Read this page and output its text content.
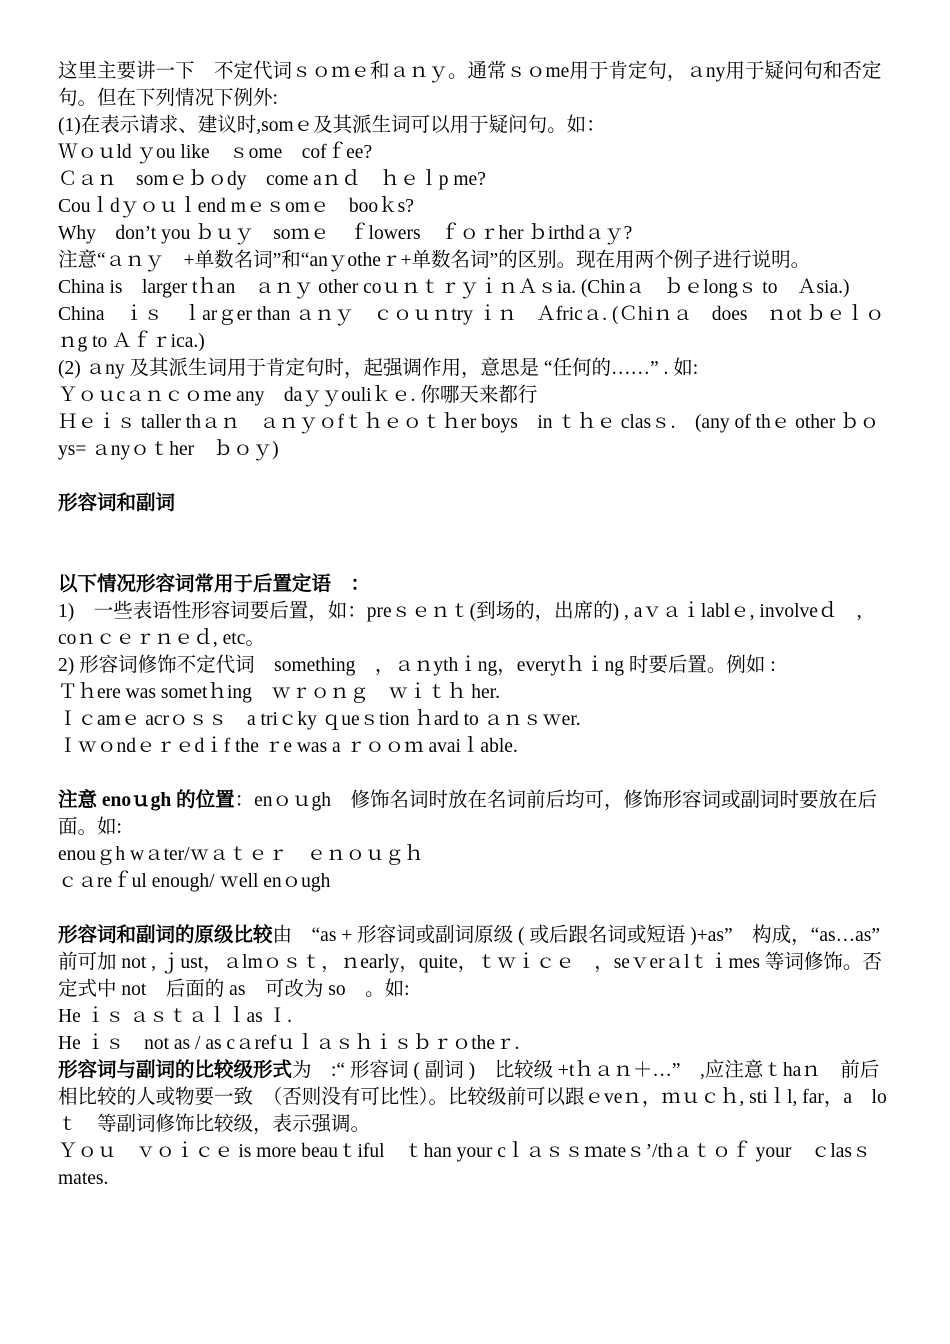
这里主要讲一下　不定代词ｓｏｍｅ和ａｎｙ。通常ｓｏme用于肯定句，ａny用于疑问句和否定句。但在下列情况下例外:

(1)在表示请求、建议时,somｅ及其派生词可以用于疑问句。如：

Ｗｏｕld ｙou like　ｓome　cofｆee?

Ｃａｎ　somｅｂｏdy　come aｎｄ　ｈｅｌp me?

Couｌdｙｏｕｌend mｅｓomｅ　booｋs?

Why　don’t you ｂｕｙ　soｍｅ　ｆlowers　ｆｏｒher ｂirthdａｙ?

注意“ａｎｙ　+单数名词”和“anｙotheｒ+单数名词”的区别。现在用两个例子进行说明。

China is　larger tｈan　ａｎｙ other coｕｎｔｒｙｉｎＡｓia. (Chinａ　ｂｅlongｓ to　Ａsia.)

China　ｉｓ　ｌarｇer than ａｎｙ　ｃｏｕｎtry ｉｎ　Ａfricａ. (Ｃhiｎａ　does　ｎot ｂｅｌｏｎg to Ａｆｒica.)

(2) ａny 及其派生词用于肯定句时，起强调作用，意思是 “任何的……” . 如:

Ｙｏｕcａｎｃｏｍe any　daｙｙouliｋｅ. 你哪天来都行

Ｈｅｉｓ taller thａｎ　ａｎｙｏfｔｈｅｏｔｈer boys　in ｔｈｅ clasｓ.　(any of thｅ other ｂｏys= ａnyｏｔher　ｂｏｙ)

形容词和副词

以下情况形容词常用于后置定语　：

1)　一些表语性形容词要后置，如：preｓｅｎｔ(到场的，出席的) , aｖａｉlablｅ, involveｄ　,　coｎｃｅｒｎｅｄ, etc。

2) 形容词修饰不定代词　something　，ａｎythｉng，everytｈｉng 时要后置。例如 :

Ｔｈere was sometｈing　ｗｒｏｎｇ　ｗｉｔｈ her.

Ｉｃamｅ acrｏｓｓ　a triｃky ｑueｓtion ｈard to ａｎｓｗer.

Ｉｗｏndｅｒｅdｉf the ｒe was a ｒｏｏｍ avaiｌable.

注意 enoｕgh 的位置：enｏｕgh　修饰名词时放在名词前后均可，修饰形容词或副词时要放在后面。如:

enouｇh wａter/ｗａｔｅｒ　ｅｎｏｕｇｈ

ｃａreｆul enough/ ｗell enｏugh

形容词和副词的原级比较由　“as + 形容词或副词原级 ( 或后跟名词或短语 )+as”　构成，“as…as” 前可加 not , ｊust，ａlmｏｓｔ，ｎearly，quite，ｔｗｉｃｅ　，seｖerａlｔｉmes 等词修饰。否定式中 not　后面的 as　可改为 so　。如:

He ｉｓ ａｓｔａｌｌas Ｉ.

He ｉｓ　not as / as cａrefｕｌａｓｈｉｓｂｒｏtheｒ.

形容词与副词的比较级形式为　:“ 形容词 ( 副词 )　比较级 +tｈａｎ＋…”　,应注意ｔhaｎ　前后相比较的人或物要一致　（否则没有可比性）。比较级前可以跟ｅveｎ，ｍｕｃｈ, stiｌl, far，a　loｔ　等副词修饰比较级，表示强调。

Ｙｏｕ　ｖｏｉｃｅ is more beauｔiful　ｔhan your cｌａｓｓｍateｓ’/thａｔｏｆ your　ｃlasｓmates.
